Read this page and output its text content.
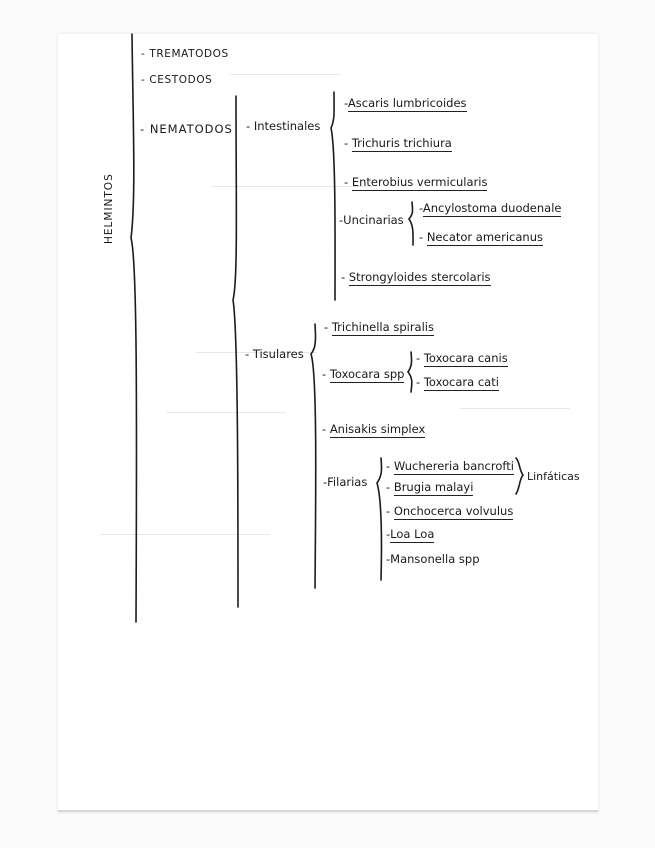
HELMINTOS
- TREMATODOS
- CESTODOS
- NEMATODOS - Intestinales
-Ascaris lumbricoides
- Trichuris trichiura
- Enterobius vermicularis
-Uncinarias
-Ancylostoma duodenale
- Necator americanus
- Strongyloides stercolaris
- Tisulares
- Trichinella spiralis
- Toxocara spp
- Toxocara canis
- Toxocara cati
- Anisakis simplex
-Filarias
- Wuchereria bancrofti
- Brugia malayi
- Onchocerca volvulus
-Loa Loa
-Mansonella spp
Linfáticas
